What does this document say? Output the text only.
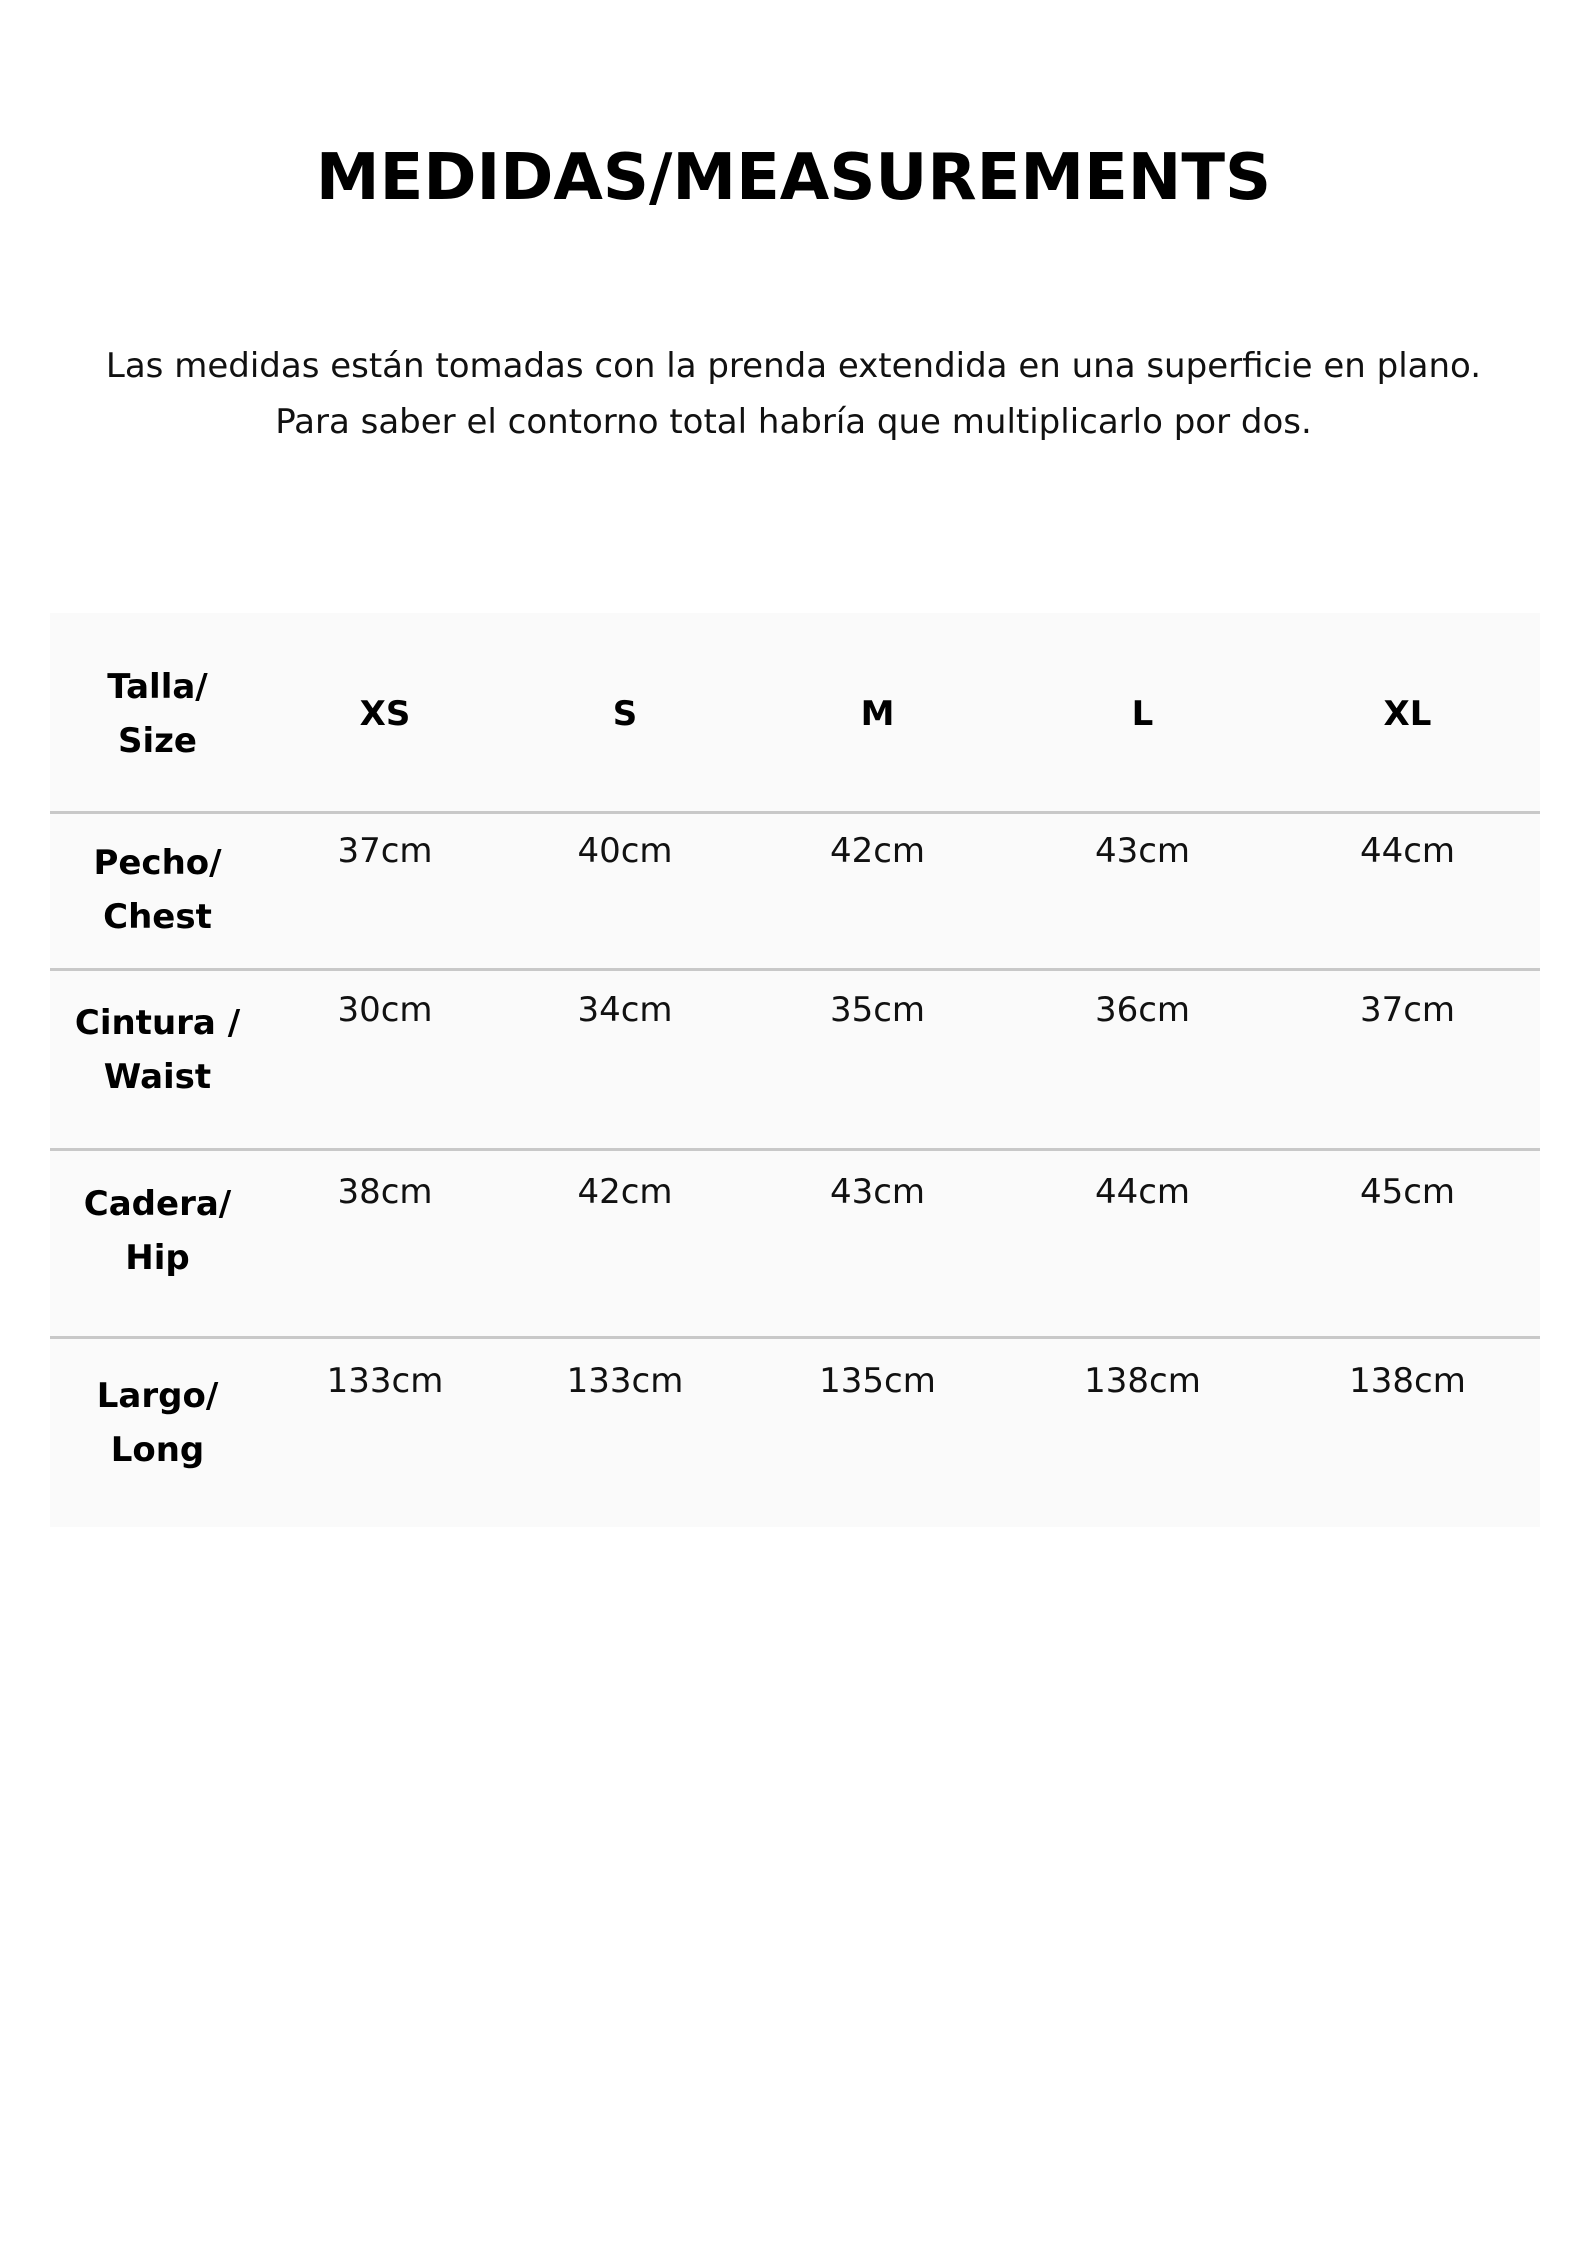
MEDIDAS/MEASUREMENTS
Las medidas están tomadas con la prenda extendida en una superficie en plano.
Para saber el contorno total habría que multiplicarlo por dos.
Talla/
Size
XS	S	M	L	XL
Pecho/
Chest
37cm	40cm	42cm	43cm	44cm
Cintura /
Waist
30cm	34cm	35cm	36cm	37cm
Cadera/
Hip
38cm	42cm	43cm	44cm	45cm
Largo/
Long
133cm	133cm	135cm	138cm	138cm
